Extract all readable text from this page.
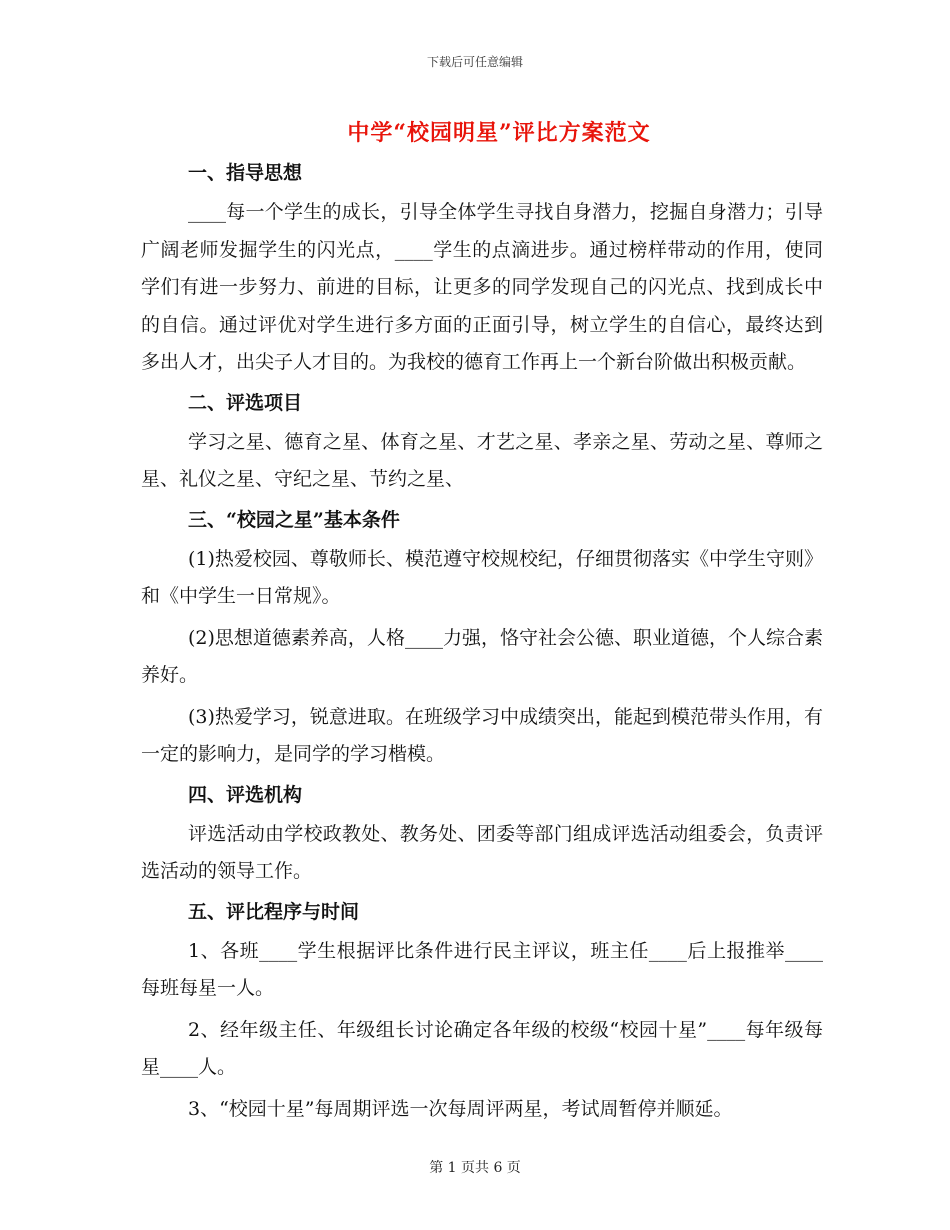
下载后可任意编辑
中学“校园明星”评比方案范文

一、指导思想

____每一个学生的成长，引导全体学生寻找自身潜力，挖掘自身潜力；引导广阔老师发掘学生的闪光点，____学生的点滴进步。通过榜样带动的作用，使同学们有进一步努力、前进的目标，让更多的同学发现自己的闪光点、找到成长中的自信。通过评优对学生进行多方面的正面引导，树立学生的自信心，最终达到多出人才，出尖子人才目的。为我校的德育工作再上一个新台阶做出积极贡献。

二、评选项目

学习之星、德育之星、体育之星、才艺之星、孝亲之星、劳动之星、尊师之星、礼仪之星、守纪之星、节约之星、

三、“校园之星”基本条件

(1)热爱校园、尊敬师长、模范遵守校规校纪，仔细贯彻落实《中学生守则》和《中学生一日常规》。

(2)思想道德素养高，人格____力强，恪守社会公德、职业道德，个人综合素养好。

(3)热爱学习，锐意进取。在班级学习中成绩突出，能起到模范带头作用，有一定的影响力，是同学的学习楷模。

四、评选机构

评选活动由学校政教处、教务处、团委等部门组成评选活动组委会，负责评选活动的领导工作。

五、评比程序与时间

1、各班____学生根据评比条件进行民主评议，班主任____后上报推举____每班每星一人。

2、经年级主任、年级组长讨论确定各年级的校级“校园十星”____每年级每星____人。

3、“校园十星”每周期评选一次每周评两星，考试周暂停并顺延。

第 1 页共 6 页
